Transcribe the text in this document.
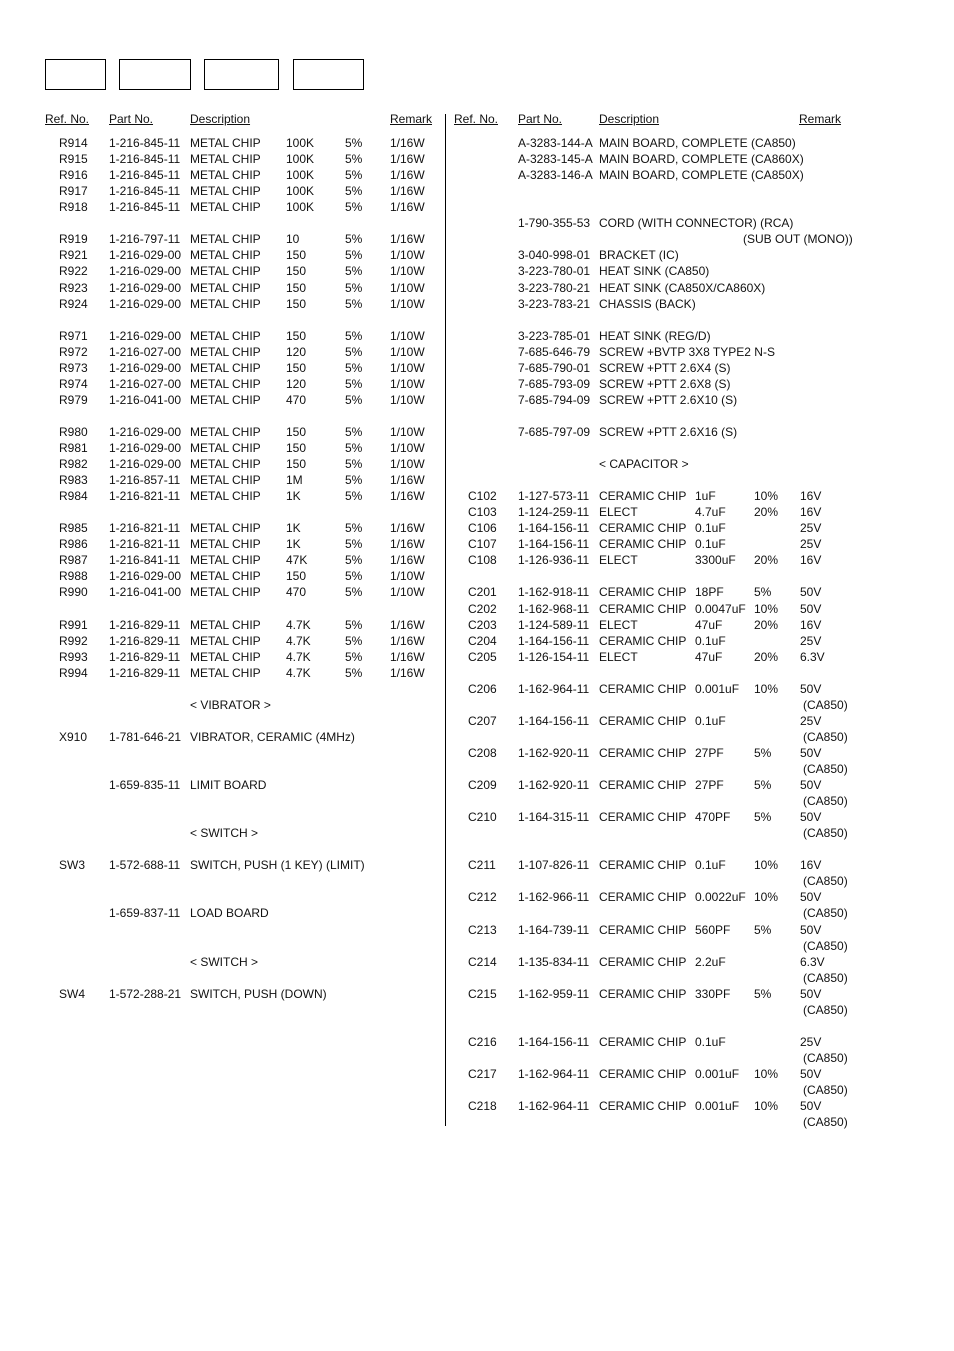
Ref. No. Part No.	Description	Remark Ref. No. Part No.	Description	Remark
R914 1-216-845-11 METAL CHIP 100K	5% 1/16W
R915 1-216-845-11 METAL CHIP 100K	5% 1/16W
R916 1-216-845-11 METAL CHIP 100K	5% 1/16W
R917 1-216-845-11 METAL CHIP 100K	5% 1/16W
R918 1-216-845-11 METAL CHIP 100K	5% 1/16W
R919 1-216-797-11 METAL CHIP 10	5% 1/16W
R921 1-216-029-00 METAL CHIP 150	5% 1/10W
R922 1-216-029-00 METAL CHIP 150	5% 1/10W
R923 1-216-029-00 METAL CHIP 150	5% 1/10W
R924 1-216-029-00 METAL CHIP 150	5% 1/10W
R971 1-216-029-00 METAL CHIP 150	5% 1/10W
R972 1-216-027-00 METAL CHIP 120	5% 1/10W
R973 1-216-029-00 METAL CHIP 150	5% 1/10W
R974 1-216-027-00 METAL CHIP 120	5% 1/10W
R979 1-216-041-00 METAL CHIP 470	5% 1/10W
R980 1-216-029-00 METAL CHIP 150	5% 1/10W
R981 1-216-029-00 METAL CHIP 150	5% 1/10W
R982 1-216-029-00 METAL CHIP 150	5% 1/10W
R983 1-216-857-11 METAL CHIP 1M	5% 1/16W
R984 1-216-821-11 METAL CHIP 1K	5% 1/16W
R985 1-216-821-11 METAL CHIP 1K	5% 1/16W
R986 1-216-821-11 METAL CHIP 1K	5% 1/16W
R987 1-216-841-11 METAL CHIP 47K	5% 1/16W
R988 1-216-029-00 METAL CHIP 150	5% 1/10W
R990 1-216-041-00 METAL CHIP 470	5% 1/10W
R991 1-216-829-11 METAL CHIP 4.7K	5% 1/16W
R992 1-216-829-11 METAL CHIP 4.7K	5% 1/16W
R993 1-216-829-11 METAL CHIP 4.7K	5% 1/16W
R994 1-216-829-11 METAL CHIP 4.7K	5% 1/16W
< VIBRATOR >
X910 1-781-646-21 VIBRATOR, CERAMIC (4MHz)
1-659-835-11 LIMIT BOARD
< SWITCH >
SW3 1-572-688-11 SWITCH, PUSH (1 KEY) (LIMIT)
1-659-837-11 LOAD BOARD
< SWITCH >
SW4 1-572-288-21 SWITCH, PUSH (DOWN)
A-3283-144-A MAIN BOARD, COMPLETE (CA850)
A-3283-145-A MAIN BOARD, COMPLETE (CA860X)
A-3283-146-A MAIN BOARD, COMPLETE (CA850X)
1-790-355-53 CORD (WITH CONNECTOR) (RCA)
(SUB OUT (MONO))
3-040-998-01 BRACKET (IC)
3-223-780-01 HEAT SINK (CA850)
3-223-780-21 HEAT SINK (CA850X/CA860X)
3-223-783-21 CHASSIS (BACK)
3-223-785-01 HEAT SINK (REG/D)
7-685-646-79 SCREW +BVTP 3X8 TYPE2 N-S
7-685-790-01 SCREW +PTT 2.6X4 (S)
7-685-793-09 SCREW +PTT 2.6X8 (S)
7-685-794-09 SCREW +PTT 2.6X10 (S)
7-685-797-09 SCREW +PTT 2.6X16 (S)
< CAPACITOR >
C102 1-127-573-11 CERAMIC CHIP 1uF	10% 16V
C103 1-124-259-11 ELECT	4.7uF 20% 16V
C106 1-164-156-11 CERAMIC CHIP 0.1uF	25V
C107 1-164-156-11 CERAMIC CHIP 0.1uF	25V
C108 1-126-936-11 ELECT	3300uF 20% 16V
C201 1-162-918-11 CERAMIC CHIP 18PF	5% 50V
C202 1-162-968-11 CERAMIC CHIP 0.0047uF 10% 50V
C203 1-124-589-11 ELECT	47uF	20% 16V
C204 1-164-156-11 CERAMIC CHIP 0.1uF	25V
C205 1-126-154-11 ELECT	47uF	20% 6.3V
C206 1-162-964-11 CERAMIC CHIP 0.001uF 10% 50V
(CA850)
C207 1-164-156-11 CERAMIC CHIP 0.1uF	25V
(CA850)
C208 1-162-920-11 CERAMIC CHIP 27PF	5% 50V
(CA850)
C209 1-162-920-11 CERAMIC CHIP 27PF	5% 50V
(CA850)
C210 1-164-315-11 CERAMIC CHIP 470PF 5% 50V
(CA850)
C211 1-107-826-11 CERAMIC CHIP 0.1uF 10% 16V
(CA850)
C212 1-162-966-11 CERAMIC CHIP 0.0022uF 10% 50V
(CA850)
C213 1-164-739-11 CERAMIC CHIP 560PF 5% 50V
(CA850)
C214 1-135-834-11 CERAMIC CHIP 2.2uF	6.3V
(CA850)
C215 1-162-959-11 CERAMIC CHIP 330PF 5% 50V
(CA850)
C216 1-164-156-11 CERAMIC CHIP 0.1uF	25V
(CA850)
C217 1-162-964-11 CERAMIC CHIP 0.001uF 10% 50V
(CA850)
C218 1-162-964-11 CERAMIC CHIP 0.001uF 10% 50V
(CA850)
